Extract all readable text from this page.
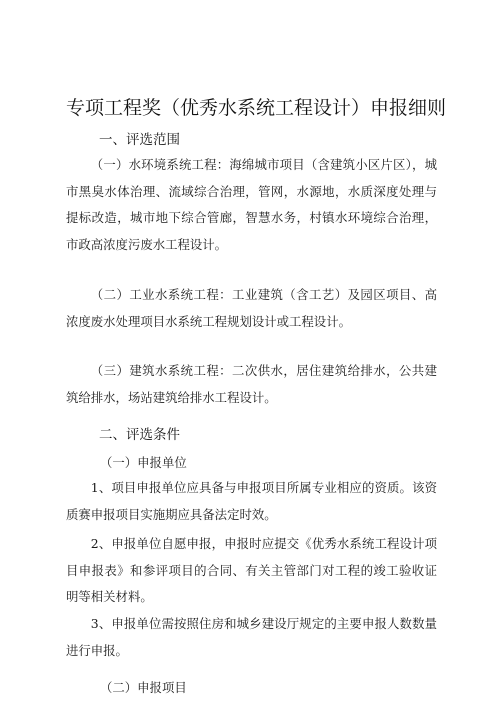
专项工程奖（优秀水系统工程设计）申报细则
一、评选范围
（一）水环境系统工程：海绵城市项目（含建筑小区片区），城市黑臭水体治理、流域综合治理，管网，水源地，水质深度处理与提标改造，城市地下综合管廊，智慧水务，村镇水环境综合治理，市政高浓度污废水工程设计。
（二）工业水系统工程：工业建筑（含工艺）及园区项目、高浓度废水处理项目水系统工程规划设计或工程设计。
（三）建筑水系统工程：二次供水，居住建筑给排水，公共建筑给排水，场站建筑给排水工程设计。
二、评选条件
（一）申报单位
1、项目申报单位应具备与申报项目所属专业相应的资质。该资质赛申报项目实施期应具备法定时效。
2、申报单位自愿申报，申报时应提交《优秀水系统工程设计项目申报表》和参评项目的合同、有关主管部门对工程的竣工验收证明等相关材料。
3、申报单位需按照住房和城乡建设厅规定的主要申报人数数量进行申报。
（二）申报项目
